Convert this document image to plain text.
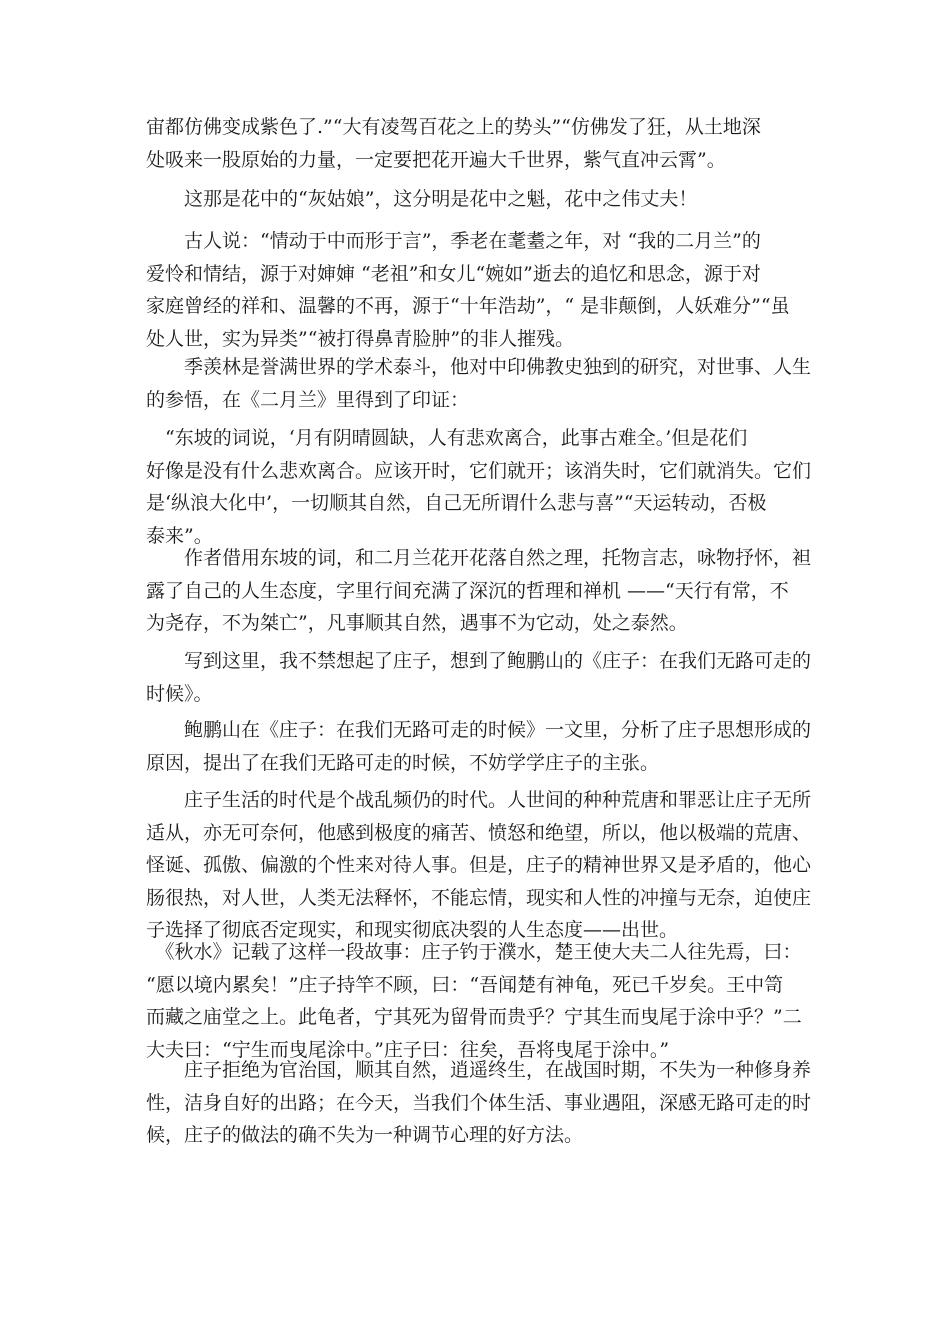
宙都仿佛变成紫色了.”“大有凌驾百花之上的势头”“仿佛发了狂，从土地深
处吸来一股原始的力量，一定要把花开遍大千世界，紫气直冲云霄”。

　　这那是花中的“灰姑娘”，这分明是花中之魁，花中之伟丈夫！

　　古人说：“情动于中而形于言”，季老在耄耋之年，对 “我的二月兰”的
爱怜和情结，源于对婶婶 “老祖”和女儿“婉如”逝去的追忆和思念，源于对
家庭曾经的祥和、温馨的不再，源于“十年浩劫”，“ 是非颠倒，人妖难分”“虽
处人世，实为异类”“被打得鼻青脸肿”的非人摧残。

　　季羡林是誉满世界的学术泰斗，他对中印佛教史独到的研究，对世事、人生
的参悟，在《二月兰》里得到了印证：

　“东坡的词说，‘月有阴晴圆缺，人有悲欢离合，此事古难全。’但是花们
好像是没有什么悲欢离合。应该开时，它们就开；该消失时，它们就消失。它们
是‘纵浪大化中’，一切顺其自然，自己无所谓什么悲与喜”“天运转动，否极
泰来”。

　　作者借用东坡的词，和二月兰花开花落自然之理，托物言志，咏物抒怀，袒
露了自己的人生态度，字里行间充满了深沉的哲理和禅机 ——“天行有常，不
为尧存，不为桀亡”，凡事顺其自然，遇事不为它动，处之泰然。

　　写到这里，我不禁想起了庄子，想到了鲍鹏山的《庄子：在我们无路可走的
时候》。

　　鲍鹏山在《庄子：在我们无路可走的时候》一文里，分析了庄子思想形成的
原因，提出了在我们无路可走的时候，不妨学学庄子的主张。

　　庄子生活的时代是个战乱频仍的时代。人世间的种种荒唐和罪恶让庄子无所
适从，亦无可奈何，他感到极度的痛苦、愤怒和绝望，所以，他以极端的荒唐、
怪诞、孤傲、偏激的个性来对待人事。但是，庄子的精神世界又是矛盾的，他心
肠很热，对人世，人类无法释怀，不能忘情，现实和人性的冲撞与无奈，迫使庄
子选择了彻底否定现实，和现实彻底决裂的人生态度——出世。

　《秋水》记载了这样一段故事：庄子钓于濮水，楚王使大夫二人往先焉，曰：
“愿以境内累矣！”庄子持竿不顾，曰：“吾闻楚有神龟，死已千岁矣。王中笥
而藏之庙堂之上。此龟者，宁其死为留骨而贵乎？宁其生而曳尾于涂中乎？”二
大夫曰：“宁生而曳尾涂中。”庄子曰：往矣，吾将曳尾于涂中。”

　　庄子拒绝为官治国，顺其自然，逍遥终生，在战国时期，不失为一种修身养
性，洁身自好的出路；在今天，当我们个体生活、事业遇阻，深感无路可走的时
候，庄子的做法的确不失为一种调节心理的好方法。
